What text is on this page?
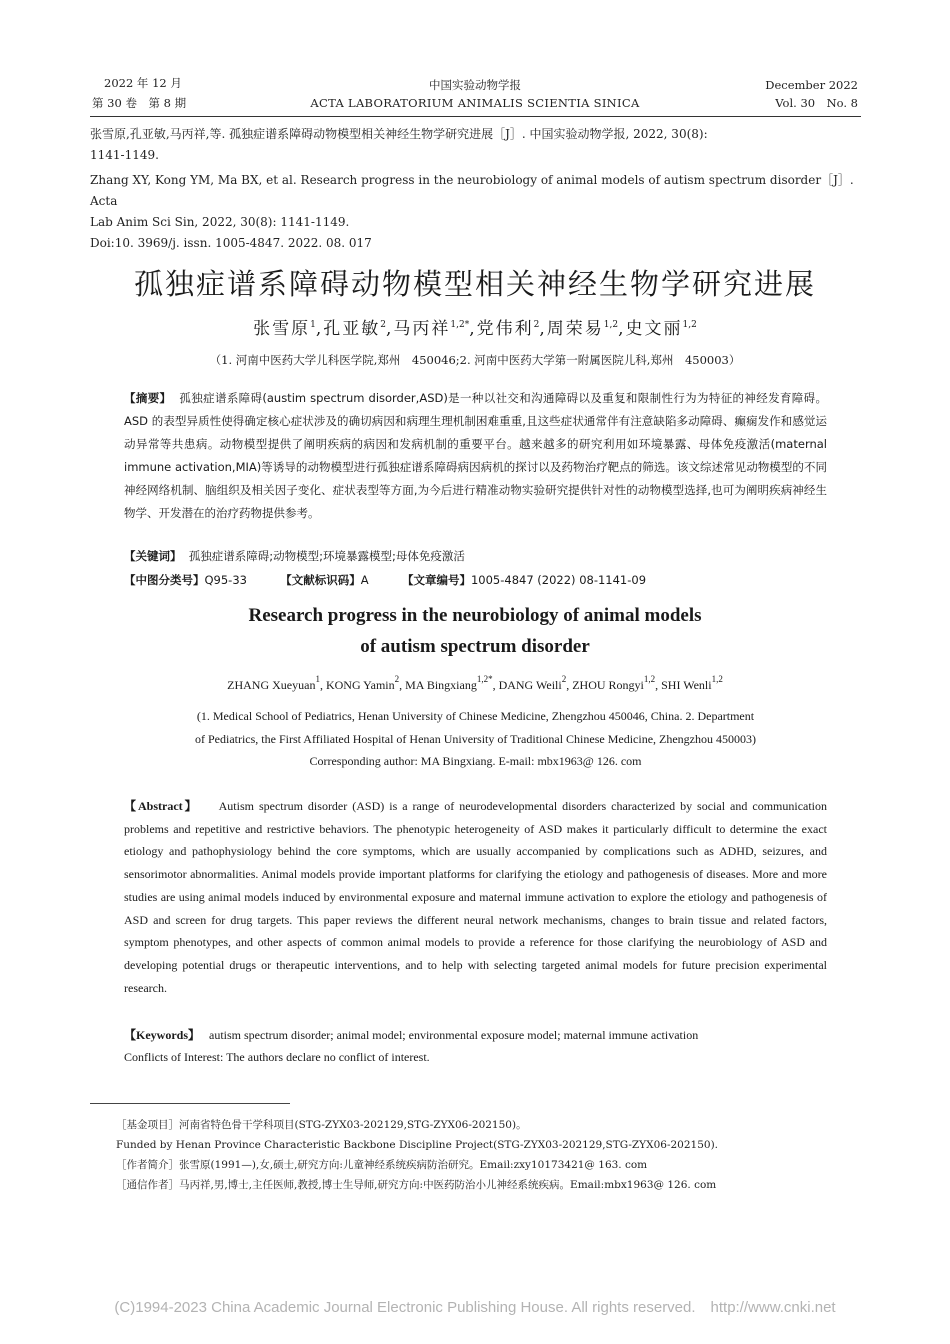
2022 年 12 月
第 30 卷　第 8 期
中国实验动物学报
ACTA LABORATORIUM ANIMALIS SCIENTIA SINICA
December 2022
Vol. 30　No. 8

张雪原,孔亚敏,马丙祥,等. 孤独症谱系障碍动物模型相关神经生物学研究进展［J］. 中国实验动物学报, 2022, 30(8):

1141-1149.

Zhang XY, Kong YM, Ma BX, et al. Research progress in the neurobiology of animal models of autism spectrum disorder［J］. Acta

Lab Anim Sci Sin, 2022, 30(8): 1141-1149.

Doi:10. 3969/j. issn. 1005-4847. 2022. 08. 017

孤独症谱系障碍动物模型相关神经生物学研究进展
张雪原$^1$,孔亚敏$^2$,马丙祥$^{1,2*}$,党伟利$^2$,周荣易$^{1,2}$,史文丽$^{1,2}$
（1. 河南中医药大学儿科医学院,郑州　450046;2. 河南中医药大学第一附属医院儿科,郑州　450003）
【摘要】 孤独症谱系障碍(austim spectrum disorder,ASD)是一种以社交和沟通障碍以及重复和限制性行为为特征的神经发育障碍。ASD 的表型异质性使得确定核心症状涉及的确切病因和病理生理机制困难重重,且这些症状通常伴有注意缺陷多动障碍、癫痫发作和感觉运动异常等共患病。动物模型提供了阐明疾病的病因和发病机制的重要平台。越来越多的研究利用如环境暴露、母体免疫激活(maternal immune activation,MIA)等诱导的动物模型进行孤独症谱系障碍病因病机的探讨以及药物治疗靶点的筛选。该文综述常见动物模型的不同神经网络机制、脑组织及相关因子变化、症状表型等方面,为今后进行精准动物实验研究提供针对性的动物模型选择,也可为阐明疾病神经生物学、开发潜在的治疗药物提供参考。
【关键词】 孤独症谱系障碍;动物模型;环境暴露模型;母体免疫激活
【中图分类号】Q95-33	【文献标识码】A	【文章编号】1005-4847 (2022) 08-1141-09
Research progress in the neurobiology of animal models
of autism spectrum disorder
ZHANG Xueyuan$^1$, KONG Yamin$^2$, MA Bingxiang$^{1,2*}$, DANG Weili$^2$, ZHOU Rongyi$^{1,2}$, SHI Wenli$^{1,2}$
(1. Medical School of Pediatrics, Henan University of Chinese Medicine, Zhengzhou 450046, China. 2. Department
of Pediatrics, the First Affiliated Hospital of Henan University of Traditional Chinese Medicine, Zhengzhou 450003)
Corresponding author: MA Bingxiang. E-mail: mbx1963@ 126. com

【Abstract】 Autism spectrum disorder (ASD) is a range of neurodevelopmental disorders characterized by social and communication problems and repetitive and restrictive behaviors. The phenotypic heterogeneity of ASD makes it particularly difficult to determine the exact etiology and pathophysiology behind the core symptoms, which are usually accompanied by complications such as ADHD, seizures, and sensorimotor abnormalities. Animal models provide important platforms for clarifying the etiology and pathogenesis of diseases. More and more studies are using animal models induced by environmental exposure and maternal immune activation to explore the etiology and pathogenesis of ASD and screen for drug targets. This paper reviews the different neural network mechanisms, changes to brain tissue and related factors, symptom phenotypes, and other aspects of common animal models to provide a reference for those clarifying the neurobiology of ASD and developing potential drugs or therapeutic interventions, and to help with selecting targeted animal models for future precision experimental research.

【Keywords】 autism spectrum disorder; animal model; environmental exposure model; maternal immune activation
Conflicts of Interest: The authors declare no conflict of interest.

［基金项目］河南省特色骨干学科项目(STG-ZYX03-202129,STG-ZYX06-202150)。

Funded by Henan Province Characteristic Backbone Discipline Project(STG-ZYX03-202129,STG-ZYX06-202150).

［作者简介］张雪原(1991—),女,硕士,研究方向:儿童神经系统疾病防治研究。Email:zxy10173421@ 163. com

［通信作者］马丙祥,男,博士,主任医师,教授,博士生导师,研究方向:中医药防治小儿神经系统疾病。Email:mbx1963@ 126. com

(C)1994-2023 China Academic Journal Electronic Publishing House. All rights reserved.　http://www.cnki.net
